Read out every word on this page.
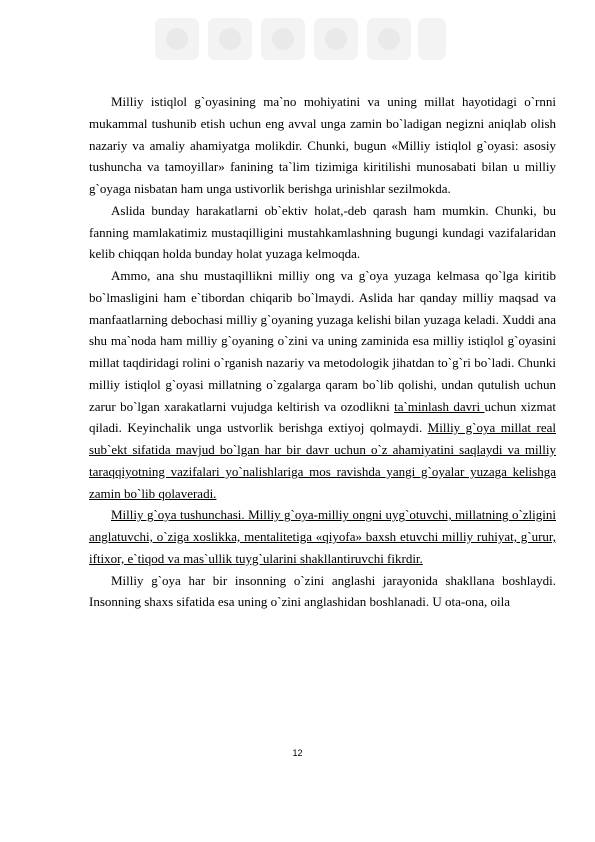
Milliy istiqlol g`oyasining ma`no mohiyatini va uning millat hayotidagi o`rnni mukammal tushunib etish uchun eng avval unga zamin bo`ladigan negizni aniqlab olish nazariy va amaliy ahamiyatga molikdir. Chunki, bugun «Milliy istiqlol g`oyasi: asosiy tushuncha va tamoyillar» fanining ta`lim tizimiga kiritilishi munosabati bilan u milliy g`oyaga nisbatan ham unga ustivorlik berishga urinishlar sezilmokda.

Aslida bunday harakatlarni ob`ektiv holat,-deb qarash ham mumkin. Chunki, bu fanning mamlakatimiz mustaqilligini mustahkamlashning bugungi kundagi vazifalaridan kelib chiqqan holda bunday holat yuzaga kelmoqda.

Ammo, ana shu mustaqillikni milliy ong va g`oya yuzaga kelmasa qo`lga kiritib bo`lmasligini ham e`tibordan chiqarib bo`lmaydi. Aslida har qanday milliy maqsad va manfaatlarning debochasi milliy g`oyaning yuzaga kelishi bilan yuzaga keladi. Xuddi ana shu ma`noda ham milliy g`oyaning o`zini va uning zaminida esa milliy istiqlol g`oyasini millat taqdiridagi rolini o`rganish nazariy va metodologik jihatdan to`g`ri bo`ladi. Chunki milliy istiqlol g`oyasi millatning o`zgalarga qaram bo`lib qolishi, undan qutulish uchun zarur bo`lgan xarakatlarni vujudga keltirish va ozodlikni ta`minlash davri uchun xizmat qiladi. Keyinchalik unga ustvorlik berishga extiyoj qolmaydi. Milliy g`oya millat real sub`ekt sifatida mavjud bo`lgan har bir davr uchun o`z ahamiyatini saqlaydi va milliy taraqqiyotning vazifalari yo`nalishlariga mos ravishda yangi g`oyalar yuzaga kelishga zamin bo`lib qolaveradi.

Milliy g`oya tushunchasi. Milliy g`oya-milliy ongni uyg`otuvchi, millatning o`zligini anglatuvchi, o`ziga xoslikka, mentalitetiga «qiyofa» baxsh etuvchi milliy ruhiyat, g`urur, iftixor, e`tiqod va mas`ullik tuyg`ularini shakllantiruvchi fikrdir.

Milliy g`oya har bir insonning o`zini anglashi jarayonida shakllana boshlaydi. Insonning shaxs sifatida esa uning o`zini anglashidan boshlanadi. U ota-ona, oila

12
